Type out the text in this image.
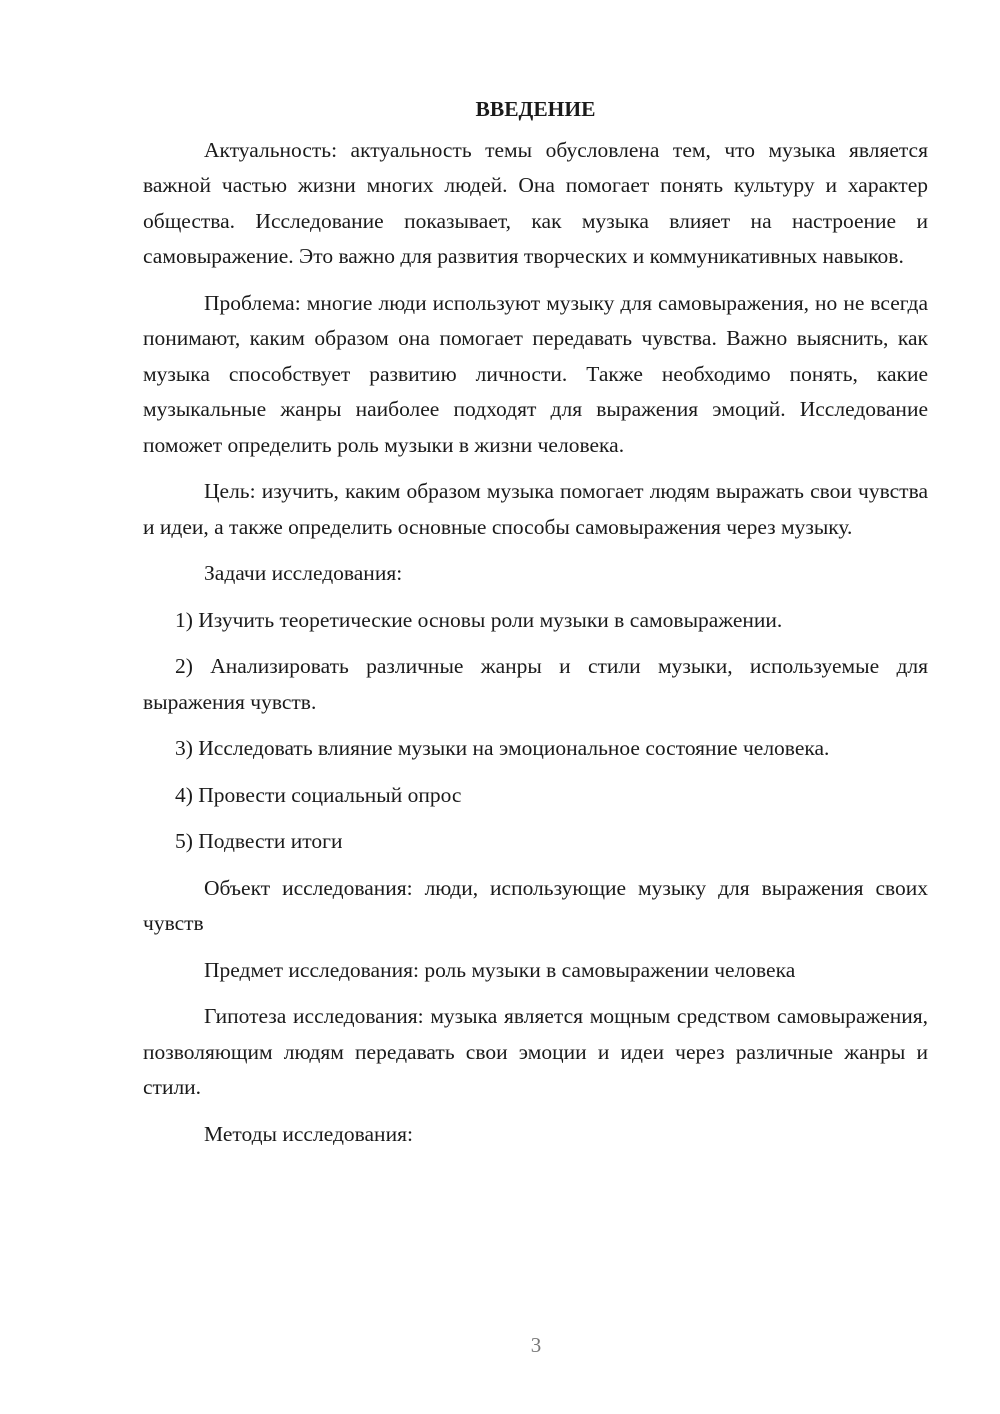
ВВЕДЕНИЕ

Актуальность: актуальность темы обусловлена тем, что музыка является важной частью жизни многих людей. Она помогает понять культуру и характер общества. Исследование показывает, как музыка влияет на настроение и самовыражение. Это важно для развития творческих и коммуникативных навыков.

Проблема: многие люди используют музыку для самовыражения, но не всегда понимают, каким образом она помогает передавать чувства. Важно выяснить, как музыка способствует развитию личности. Также необходимо понять, какие музыкальные жанры наиболее подходят для выражения эмоций. Исследование поможет определить роль музыки в жизни человека.

Цель: изучить, каким образом музыка помогает людям выражать свои чувства и идеи, а также определить основные способы самовыражения через музыку.

Задачи исследования:

1) Изучить теоретические основы роли музыки в самовыражении.
2) Анализировать различные жанры и стили музыки, используемые для выражения чувств.
3) Исследовать влияние музыки на эмоциональное состояние человека.
4) Провести социальный опрос
5) Подвести итоги

Объект исследования: люди, использующие музыку для выражения своих чувств

Предмет исследования: роль музыки в самовыражении человека

Гипотеза исследования: музыка является мощным средством самовыражения, позволяющим людям передавать свои эмоции и идеи через различные жанры и стили.

Методы исследования:

3
